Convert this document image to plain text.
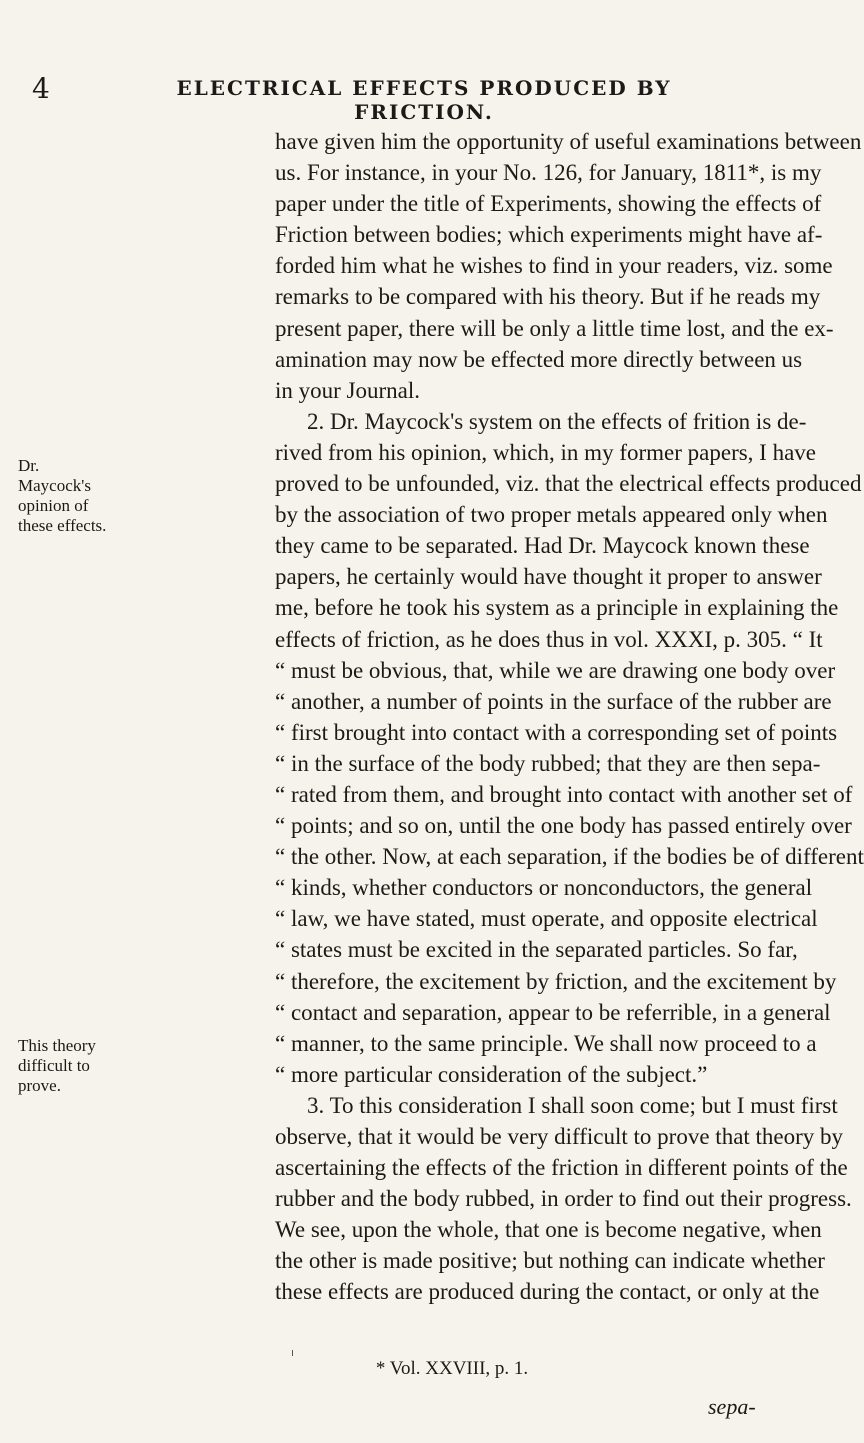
4	ELECTRICAL EFFECTS PRODUCED BY FRICTION.
have given him the opportunity of useful examinations between
us. For instance, in your No. 126, for January, 1811*, is my
paper under the title of Experiments, showing the effects of
Friction between bodies; which experiments might have af-
forded him what he wishes to find in your readers, viz. some
remarks to be compared with his theory. But if he reads my
present paper, there will be only a little time lost, and the ex-
amination may now be effected more directly between us
in your Journal.
2. Dr. Maycock's system on the effects of frition is de-
rived from his opinion, which, in my former papers, I have
proved to be unfounded, viz. that the electrical effects produced
by the association of two proper metals appeared only when
they came to be separated. Had Dr. Maycock known these
papers, he certainly would have thought it proper to answer
me, before he took his system as a principle in explaining the
effects of friction, as he does thus in vol. XXXI, p. 305. “ It
“ must be obvious, that, while we are drawing one body over
“ another, a number of points in the surface of the rubber are
“ first brought into contact with a corresponding set of points
“ in the surface of the body rubbed; that they are then sepa-
“ rated from them, and brought into contact with another set of
“ points; and so on, until the one body has passed entirely over
“ the other. Now, at each separation, if the bodies be of different
“ kinds, whether conductors or nonconductors, the general
“ law, we have stated, must operate, and opposite electrical
“ states must be excited in the separated particles. So far,
“ therefore, the excitement by friction, and the excitement by
“ contact and separation, appear to be referrible, in a general
“ manner, to the same principle. We shall now proceed to a
“ more particular consideration of the subject.”
3. To this consideration I shall soon come; but I must first
observe, that it would be very difficult to prove that theory by
ascertaining the effects of the friction in different points of the
rubber and the body rubbed, in order to find out their progress.
We see, upon the whole, that one is become negative, when
the other is made positive; but nothing can indicate whether
these effects are produced during the contact, or only at the
Dr. Maycock's
opinion of
these effects.
This theory
difficult to
prove.
* Vol. XXVIII, p. 1.
sepa-
